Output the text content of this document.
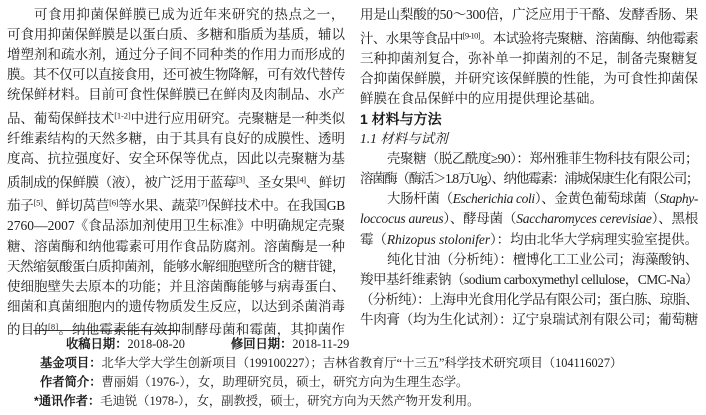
可食用抑菌保鲜膜已成为近年来研究的热点之一，
可食用抑菌保鲜膜是以蛋白质、多糖和脂质为基质，辅以
增塑剂和疏水剂，通过分子间不同种类的作用力而形成的
膜。其不仅可以直接食用，还可被生物降解，可有效代替传
统保鲜材料。目前可食性保鲜膜已在鲜肉及肉制品、水产
品、葡萄保鲜技术[1-2]中进行应用研究。壳聚糖是一种类似
纤维素结构的天然多糖，由于其具有良好的成膜性、透明
度高、抗拉强度好、安全环保等优点，因此以壳聚糖为基
质制成的保鲜膜（液），被广泛用于蓝莓[3]、圣女果[4]、鲜切
茄子[5]、鲜切莴苣[6]等水果、蔬菜[7]保鲜技术中。在我国GB
2760—2007《食品添加剂使用卫生标准》中明确规定壳聚
糖、溶菌酶和纳他霉素可用作食品防腐剂。溶菌酶是一种
天然缩氨酸蛋白质抑菌剂，能够水解细胞壁所含的糖苷键，
使细胞壁失去原本的功能；并且溶菌酶能够与病毒蛋白、
细菌和真菌细胞内的遗传物质发生反应，以达到杀菌消毒
的目的[8]。纳他霉素能有效抑制酵母菌和霉菌，其抑菌作
用是山梨酸的50～300倍，广泛应用于干酪、发酵香肠、果
汁、水果等食品中[9-10]。本试验将壳聚糖、溶菌酶、纳他霉素
三种抑菌剂复合，弥补单一抑菌剂的不足，制备壳聚糖复
合抑菌保鲜膜，并研究该保鲜膜的性能，为可食性抑菌保
鲜膜在食品保鲜中的应用提供理论基础。
1 材料与方法
1.1 材料与试剂
壳聚糖（脱乙酰度≥90）：郑州雅菲生物科技有限公司；
溶菌酶（酶活＞1.8万U/g）、纳他霉素：浦城保康生化有限公司；
大肠杆菌（Escherichia coli）、金黄色葡萄球菌（Staphy-
loccocus aureus）、酵母菌（Saccharomyces cerevisiae）、黑根
霉（Rhizopus stolonifer）：均由北华大学病理实验室提供。
纯化甘油（分析纯）：檀博化工工业公司；海藻酸钠、
羧甲基纤维素钠（sodium carboxymethyl cellulose，CMC-Na）
（分析纯）：上海申光食用化学品有限公司；蛋白胨、琼脂、
牛肉膏（均为生化试剂）：辽宁泉瑞试剂有限公司；葡萄糖
收稿日期：2018-08-20	修回日期：2018-11-29
基金项目：北华大学大学生创新项目（199100227）；吉林省教育厅“十三五”科学技术研究项目（104116027）
作者简介：曹丽娟（1976-），女，助理研究员，硕士，研究方向为生理生态学。
*通讯作者：毛迪锐（1978-），女，副教授，硕士，研究方向为天然产物开发利用。
